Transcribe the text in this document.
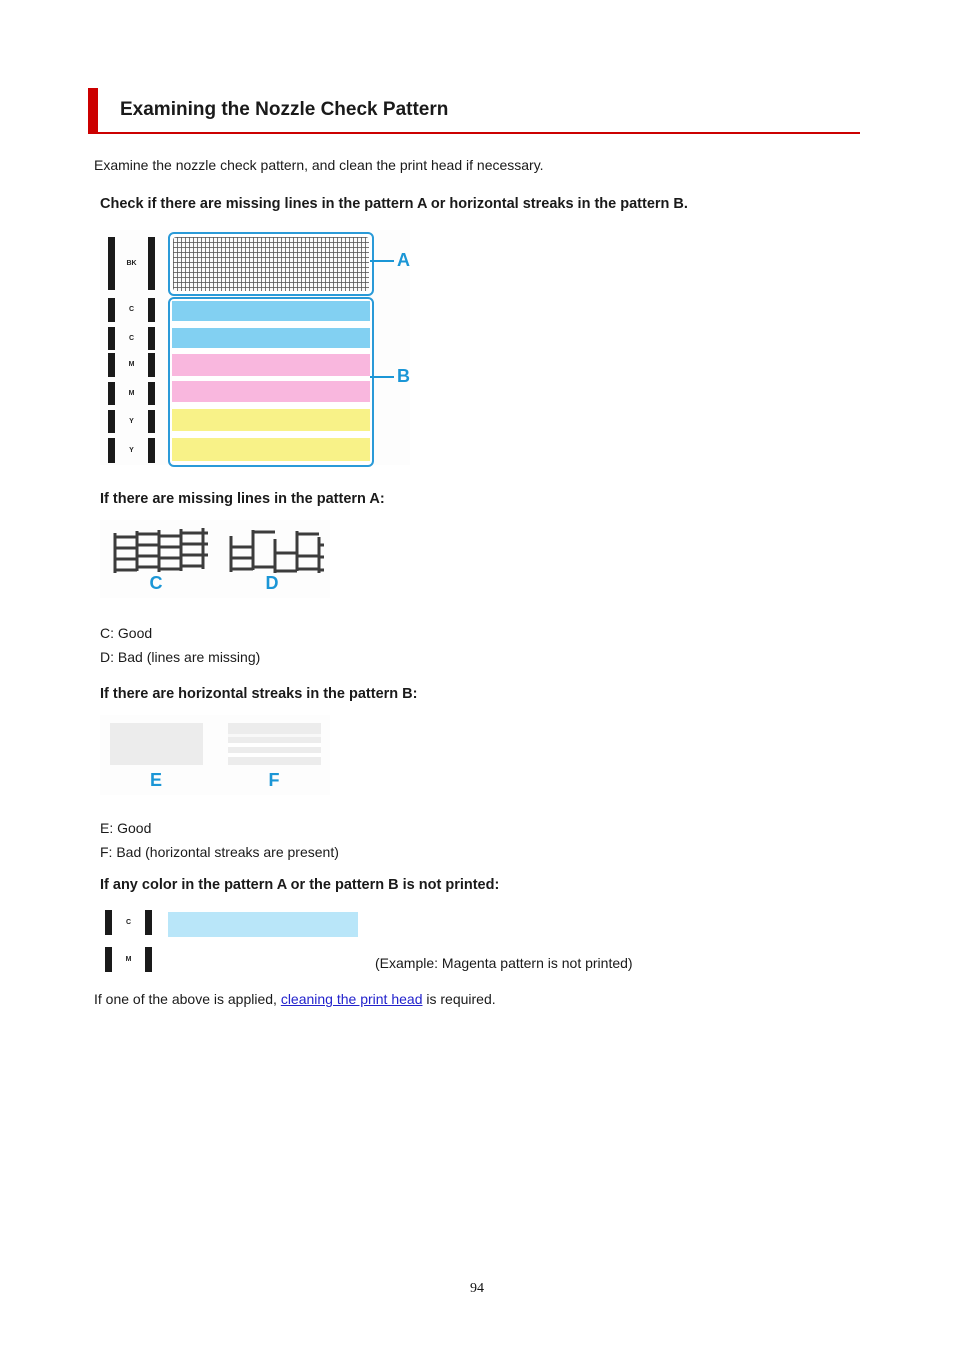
Examining the Nozzle Check Pattern

Examine the nozzle check pattern, and clean the print head if necessary.

Check if there are missing lines in the pattern A or horizontal streaks in the pattern B.
BK
C
C
M
M
Y
Y
A
B
If there are missing lines in the pattern A:
C	D

C: Good
D: Bad (lines are missing)

If there are horizontal streaks in the pattern B:
E	F

E: Good
F: Bad (horizontal streaks are present)

If any color in the pattern A or the pattern B is not printed:
C
M	(Example: Magenta pattern is not printed)

If one of the above is applied, cleaning the print head is required.

94
